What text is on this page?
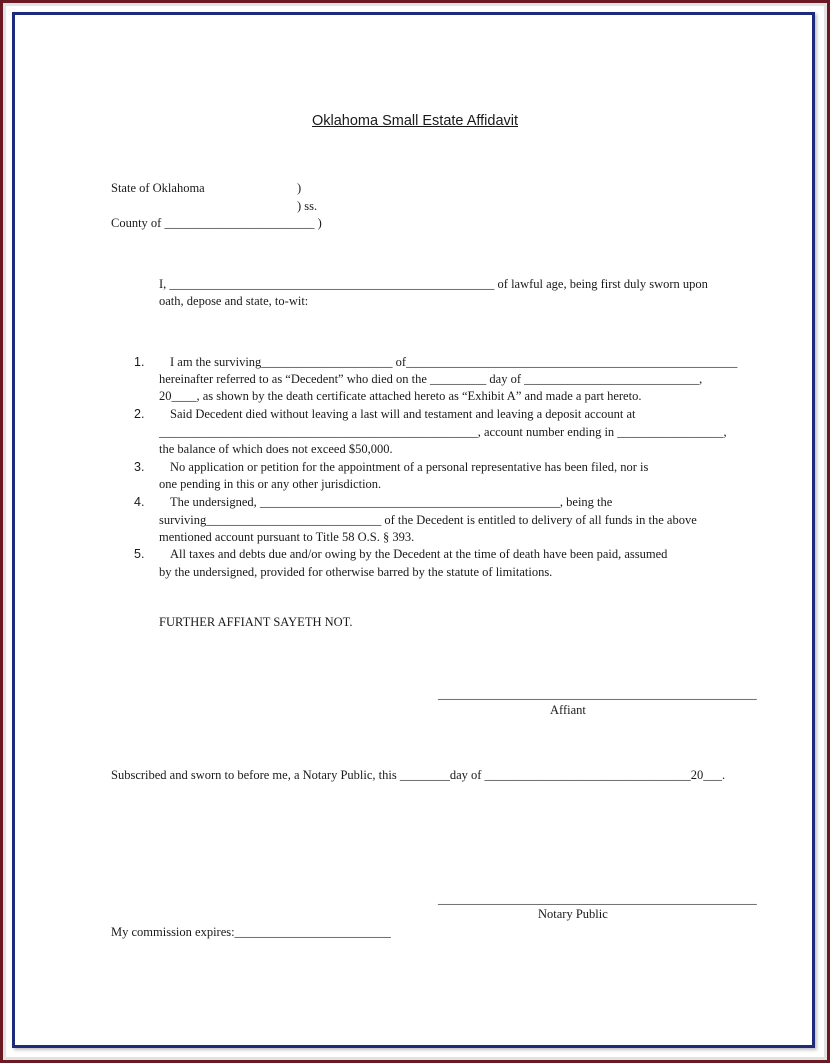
Oklahoma Small Estate Affidavit
State of Oklahoma	)
) ss.
County of ________________________ )
I, ____________________________________________________ of lawful age, being first duly sworn upon
oath, depose and state, to-wit:
1. I am the surviving_____________________ of_____________________________________________________
hereinafter referred to as “Decedent” who died on the _________ day of ____________________________,
20____, as shown by the death certificate attached hereto as “Exhibit A” and made a part hereto.
2. Said Decedent died without leaving a last will and testament and leaving a deposit account at
___________________________________________________, account number ending in _________________,
the balance of which does not exceed $50,000.
3. No application or petition for the appointment of a personal representative has been filed, nor is
one pending in this or any other jurisdiction.
4. The undersigned, ________________________________________________, being the
surviving____________________________ of the Decedent is entitled to delivery of all funds in the above
mentioned account pursuant to Title 58 O.S. § 393.
5. All taxes and debts due and/or owing by the Decedent at the time of death have been paid, assumed
by the undersigned, provided for otherwise barred by the statute of limitations.
FURTHER AFFIANT SAYETH NOT.
___________________________________________________
Affiant
Subscribed and sworn to before me, a Notary Public, this ________day of _________________________________20___.
___________________________________________________
Notary Public
My commission expires:_________________________
